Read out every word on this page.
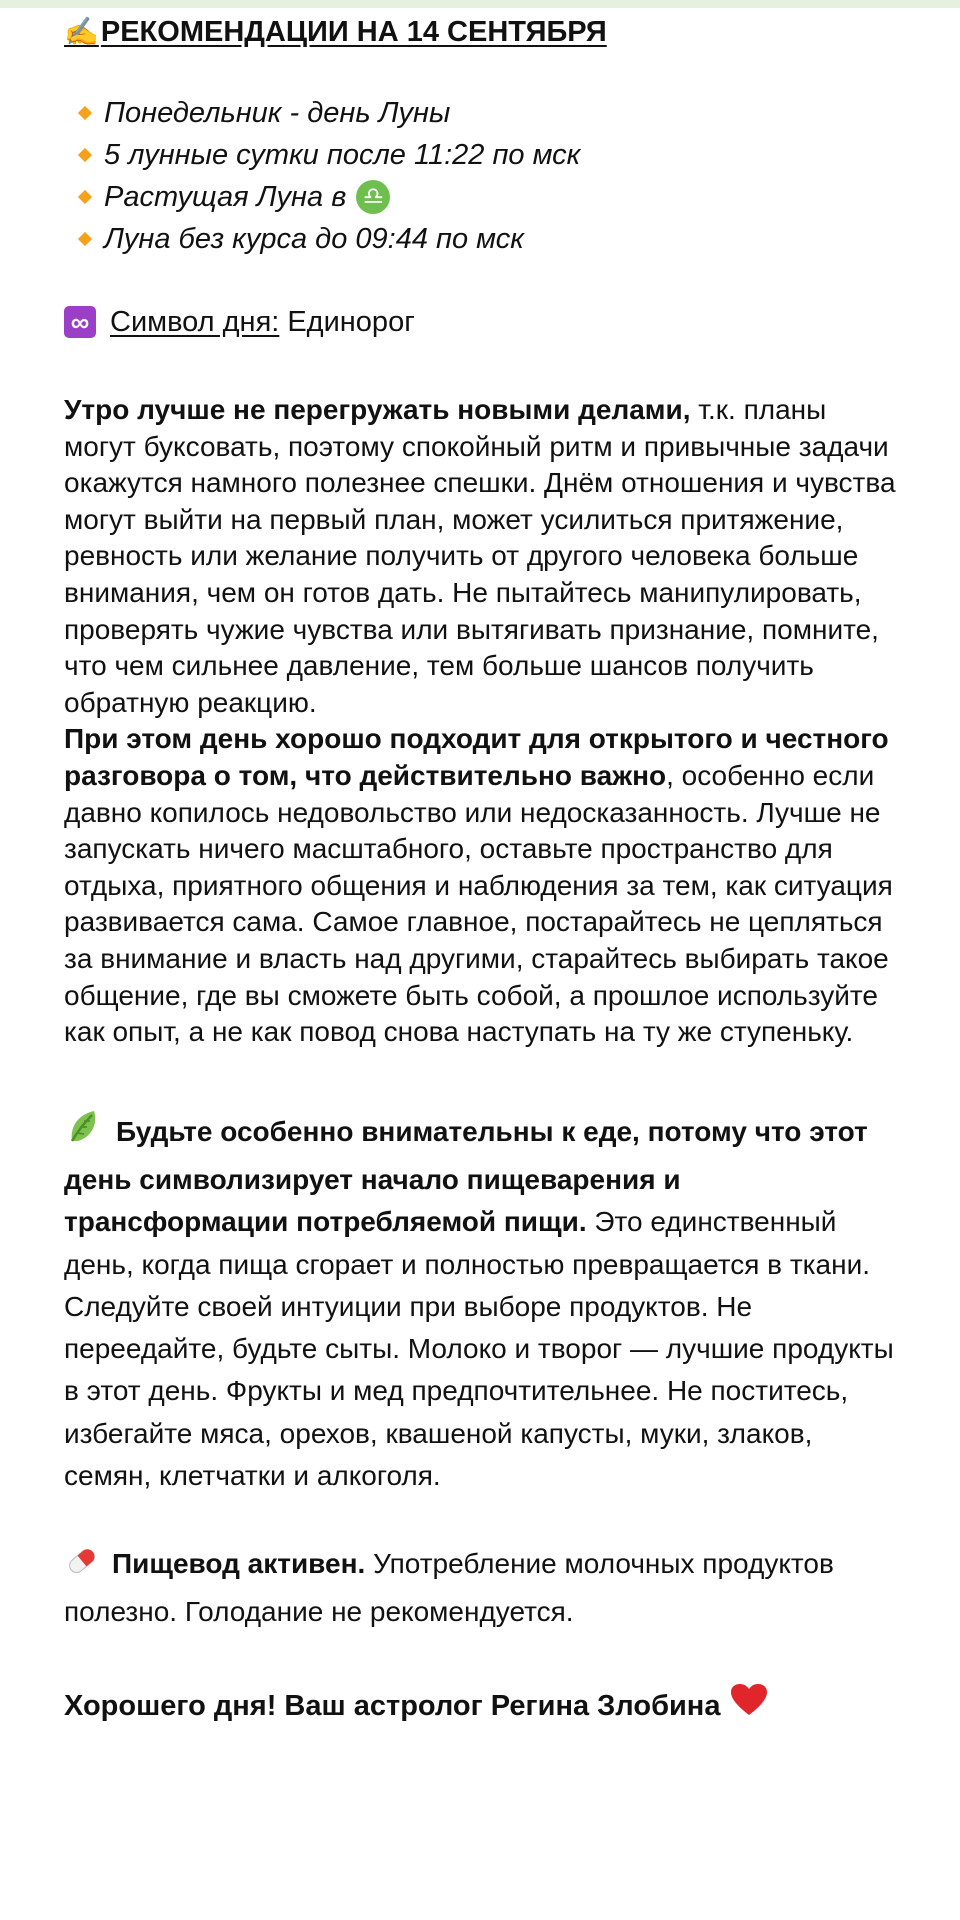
✍ РЕКОМЕНДАЦИИ НА 14 СЕНТЯБРЯ
Понедельник - день Луны
5 лунные сутки после 11:22 по мск
Растущая Луна в ♎︎
Луна без курса до 09:44 по мск
∞ Символ дня: Единорог

Утро лучше не перегружать новыми делами, т.к. планы могут буксовать, поэтому спокойный ритм и привычные задачи окажутся намного полезнее спешки. Днём отношения и чувства могут выйти на первый план, может усилиться притяжение, ревность или желание получить от другого человека больше внимания, чем он готов дать. Не пытайтесь манипулировать, проверять чужие чувства или вытягивать признание, помните, что чем сильнее давление, тем больше шансов получить обратную реакцию.

При этом день хорошо подходит для открытого и честного разговора о том, что действительно важно, особенно если давно копилось недовольство или недосказанность. Лучше не запускать ничего масштабного, оставьте пространство для отдыха, приятного общения и наблюдения за тем, как ситуация развивается сама. Самое главное, постарайтесь не цепляться за внимание и власть над другими, старайтесь выбирать такое общение, где вы сможете быть собой, а прошлое используйте как опыт, а не как повод снова наступать на ту же ступеньку.

Будьте особенно внимательны к еде, потому что этот день символизирует начало пищеварения и трансформации потребляемой пищи. Это единственный день, когда пища сгорает и полностью превращается в ткани. Следуйте своей интуиции при выборе продуктов. Не переедайте, будьте сыты. Молоко и творог — лучшие продукты в этот день. Фрукты и мед предпочтительнее. Не поститесь, избегайте мяса, орехов, квашеной капусты, муки, злаков, семян, клетчатки и алкоголя.

Пищевод активен. Употребление молочных продуктов полезно. Голодание не рекомендуется.

Хорошего дня! Ваш астролог Регина Злобина
